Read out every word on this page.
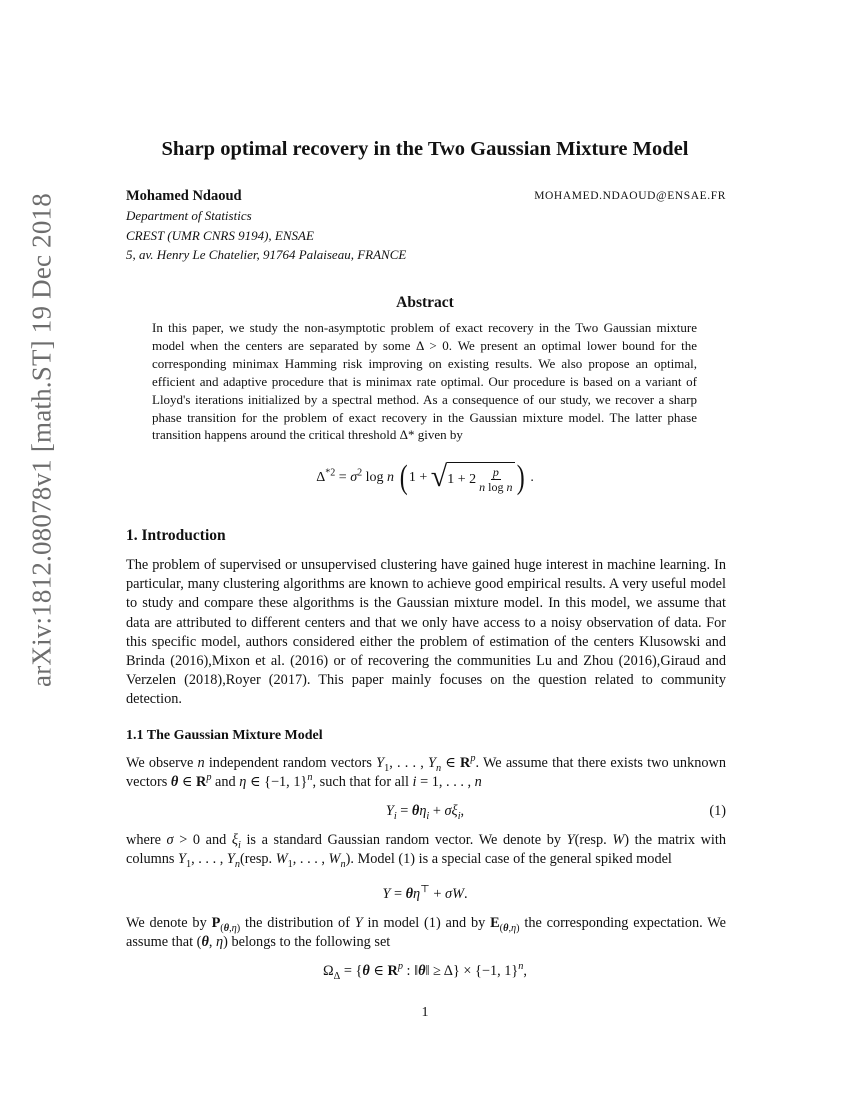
arXiv:1812.08078v1 [math.ST] 19 Dec 2018
Sharp optimal recovery in the Two Gaussian Mixture Model
Mohamed Ndaoud	MOHAMED.NDAOUD@ENSAE.FR
Department of Statistics
CREST (UMR CNRS 9194), ENSAE
5, av. Henry Le Chatelier, 91764 Palaiseau, FRANCE
Abstract

In this paper, we study the non-asymptotic problem of exact recovery in the Two Gaussian mixture model when the centers are separated by some Δ > 0. We present an optimal lower bound for the corresponding minimax Hamming risk improving on existing results. We also propose an optimal, efficient and adaptive procedure that is minimax rate optimal. Our procedure is based on a variant of Lloyd's iterations initialized by a spectral method. As a consequence of our study, we recover a sharp phase transition for the problem of exact recovery in the Gaussian mixture model. The latter phase transition happens around the critical threshold Δ* given by

$\Delta^{*2} = \sigma^2$ log n ( 1 + √ $1 + 2 \frac{p}{\text{n log n}}$ ) .
1. Introduction

The problem of supervised or unsupervised clustering have gained huge interest in machine learning. In particular, many clustering algorithms are known to achieve good empirical results. A very useful model to study and compare these algorithms is the Gaussian mixture model. In this model, we assume that data are attributed to different centers and that we only have access to a noisy observation of data. For this specific model, authors considered either the problem of estimation of the centers Klusowski and Brinda (2016),Mixon et al. (2016) or of recovering the communities Lu and Zhou (2016),Giraud and Verzelen (2018),Royer (2017). This paper mainly focuses on the question related to community detection.

1.1 The Gaussian Mixture Model

We observe n independent random vectors $Y_1$, . . . , $Y_n$ ∈ $R^p$. We assume that there exists two unknown vectors θ ∈ $R^p$ and η ∈ {−1, 1}$^n$, such that for all i = 1, . . . , n

$Y_i = \theta\eta_i + \sigma\xi_i$,	(1)

where σ > 0 and $\xi_i$ is a standard Gaussian random vector. We denote by Y(resp. W) the matrix with columns $Y_1$, . . . , $Y_n(resp$. $W_1$, . . . , $W_n$). Model (1) is a special case of the general spiked model

Y = θη⊤ + σW.

We denote by $P_{(\theta,\eta)}$ the distribution of Y in model (1) and by $E_{(\theta,\eta)}$ the corresponding expectation. We assume that (θ, η) belongs to the following set

$\Omega_\Delta = \{\theta$ ∈ $R^p$ : ‖θ‖ ≥ Δ} × {−1, 1}$^n$,
1
